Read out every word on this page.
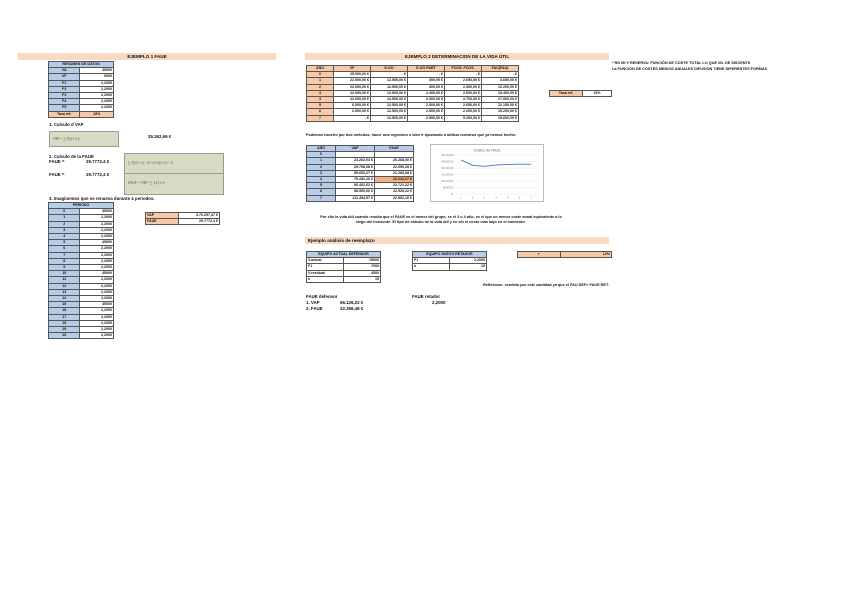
EJEMPLO 1 FAUE
RESUMEN DE DATOS	
VA	35000
VF	5000
F1	2,2000
F2	2,2000
F3	2,2000
F4	2,2000
F5	2,2000
Tasa ref.	15%
1. Calculo d VAP
VAP = ∑ Fj/(1+r)ʲ	35.262,69 €
2. Calculo de la FAUE
FAUE =	29.7772,4 €
FAUE =	29.7772,4 €
∑ Fj/(1+r)ʲ · i(1+i)ⁿ/((1+i)ⁿ−1)
FAUE = VAP / ∑ 1/(1+r)ʲ
3. Imaginemos que se renueva durante 4 periodos.
PERIODO	
0	35000
1	2,2000
2	2,2000
3	2,2000
4	2,2000
5	45000
6	2,2000
7	2,2000
8	2,2000
9	2,2000
10	45000
11	2,2000
12	2,2000
13	2,2000
14	2,2000
15	45000
16	2,2000
17	2,2000
18	2,2000
19	2,2000
20	2,2000
VAP	3.70.257,47 €
FAUE	29.7772,4 €
EJEMPLO 2 DETERMINACION DE LA VIDA ÚTIL
AÑO	VF	E.OO	E.OO PART	FCOS. FCOS.	FAC(FAU)
0	25.000,00 €	- €	- €	- €	- €
1	22.000,00 €	12.500,00 €	300,00 €	2.650,00 €	3.650,00 €
2	22.000,00 €	12.500,00 €	300,00 €	2.300,00 €	12.200,00 €
3	22.000,00 €	12.500,00 €	2.400,00 €	2.600,00 €	15.400,00 €
4	22.000,00 €	12.500,00 €	2.300,00 €	2.700,00 €	17.000,00 €
5	6.000,00 €	12.500,00 €	2.500,00 €	2.650,00 €	12.150,00 €
6	2.500,00 €	12.500,00 €	2.500,00 €	2.200,00 €	15.200,00 €
7	- €	12.500,00 €	2.500,00 €	5.200,00 €	15.600,00 €
Tasa ref.	15%
Podemos hacerlo por dos métodos, hacer una regresión o bien ir ajustando a utilizar nuestros que ya hemos hecho:
AÑO	VAP	FAUE
0		
1	23.262,04 €	26.268,00 €
2	29.768,08 €	22.099,28 €
3	55.663,27 €	21.283,08 €
4	79.282,26 €	22.242,27 €
5	90.402,62 €	22.721,22 €
6	98.590,60 €	22.929,22 €
7	111.494,97 €	22.962,16 €
Gráfico de FAUE
€30.000,00
€25.000,00
€20.000,00
€15.000,00
€10.000,00
€5.000,00
€-
1	2	3	4	5	6	7
Por ello la vida útil cuando resulta que el FAUE es el menor del grupo, es el 3 o 4 año, es el que un menor coste anual equivalente a lo largo del horizonte. El tipo de cálculo de la vida útil y en sin el costo más bajo en el momento.
Ejemplo análisis de reemplazo
EQUIPO ACTUAL DEFENSOR	
V.actual	15000
F1	7000
V.residual	4500
n	15
EQUIPO NUEVO RETADOR	
F1	2,2000
n	15
r	12%
Reflexione: vendido por este cantidad ya que el FAU DEF> FAUE RET.
FAUE defensor
1. VAP	66.126,22 €
2. FAUE	22.296,48 €
FAUE retador
2,2000
* RG MI Y RESERVA: FUNCIÓN DE COSTE TOTAL LO QUE 2N. DE SISCENTS
La FUNCIÓN DE COSTES MEDIOS ANUALES DIFUSIÓN TIENE DIFERENTES FORMAS
